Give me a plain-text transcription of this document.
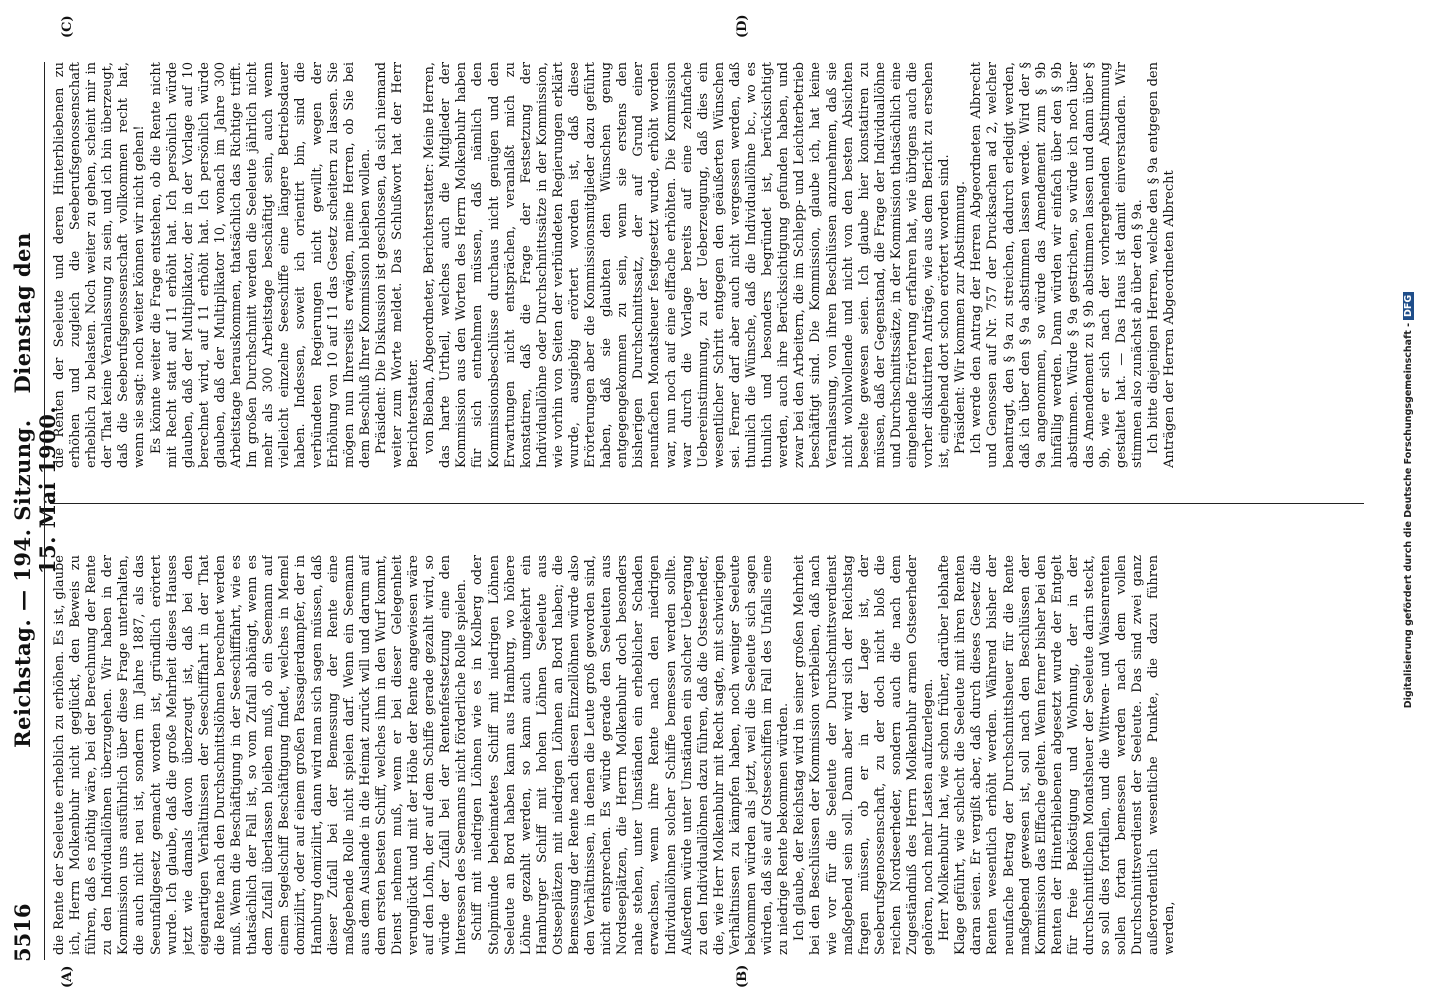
5516
Reichstag. — 194. Sitzung.Dienstag den 15. Mai 1900.
(A)	(B)
(C)	(D)

die Rente der Seeleute erheblich zu erhöhen. Es ist, glaube ich, Herrn Molkenbuhr nicht geglückt, den Beweis zu führen, daß es nöthig wäre, bei der Berechnung der Rente zu den Individuallöhnen überzugehen. Wir haben in der Kommission uns ausführlich über diese Frage unterhalten, die auch nicht neu ist, sondern im Jahre 1887, als das Seeunfallgesetz gemacht worden ist, gründlich erörtert wurde. Ich glaube, daß die große Mehrheit dieses Hauses jetzt wie damals davon überzeugt ist, daß bei den eigenartigen Verhältnissen der Seeschifffahrt in der That die Rente nach den Durchschnittslöhnen berechnet werden muß. Wenn die Beschäftigung in der Seeschifffahrt, wie es thatsächlich der Fall ist, so vom Zufall abhängt, wenn es dem Zufall überlassen bleiben muß, ob ein Seemann auf einem Segelschiff Beschäftigung findet, welches in Memel domizilirt, oder auf einem großen Passagierdampfer, der in Hamburg domizilirt, dann wird man sich sagen müssen, daß dieser Zufall bei der Bemessung der Rente eine maßgebende Rolle nicht spielen darf. Wenn ein Seemann aus dem Auslande in die Heimat zurück will und darum auf dem ersten besten Schiff, welches ihm in den Wurf kommt, Dienst nehmen muß, wenn er bei dieser Gelegenheit verunglückt und mit der Höhe der Rente angewiesen wäre auf den Lohn, der auf dem Schiffe gerade gezahlt wird, so würde der Zufall bei der Rentenfestsetzung eine den Interessen des Seemanns nicht förderliche Rolle spielen. Schiff mit niedrigen Löhnen wie es in Kolberg oder Stolpmünde beheimatetes Schiff mit niedrigen Löhnen Seeleute an Bord haben kann aus Hamburg, wo höhere Löhne gezahlt werden, so kann auch umgekehrt ein Hamburger Schiff mit hohen Löhnen Seeleute aus Ostseeplätzen mit niedrigen Löhnen an Bord haben; die Bemessung der Rente nach diesen Einzellöhnen würde also den Verhältnissen, in denen die Leute groß geworden sind, nicht entsprechen. Es würde gerade den Seeleuten aus Nordseeplätzen, die Herrn Molkenbuhr doch besonders nahe stehen, unter Umständen ein erheblicher Schaden erwachsen, wenn ihre Rente nach den niedrigen Individuallöhnen solcher Schiffe bemessen werden sollte. Außerdem würde unter Umständen ein solcher Uebergang zu den Individuallöhnen dazu führen, daß die Ostseerheder, die, wie Herr Molkenbuhr mit Recht sagte, mit schwierigen Verhältnissen zu kämpfen haben, noch weniger Seeleute bekommen würden als jetzt, weil die Seeleute sich sagen würden, daß sie auf Ostseeschiffen im Fall des Unfalls eine zu niedrige Rente bekommen würden. Ich glaube, der Reichstag wird in seiner großen Mehrheit bei den Beschlüssen der Kommission verbleiben, daß nach wie vor für die Seeleute der Durchschnittsverdienst maßgebend sein soll. Dann aber wird sich der Reichstag fragen müssen, ob er in der Lage ist, der Seeberufsgenossenschaft, zu der doch nicht bloß die reichen Nordseerheder, sondern auch die nach dem Zugeständniß des Herrn Molkenbuhr armen Ostseerheder gehören, noch mehr Lasten aufzuerlegen. Herr Molkenbuhr hat, wie schon früher, darüber lebhafte Klage geführt, wie schlecht die Seeleute mit ihren Renten daran seien. Er vergißt aber, daß durch dieses Gesetz die Renten wesentlich erhöht werden. Während bisher der neunfache Betrag der Durchschnittsheuer für die Rente maßgebend gewesen ist, soll nach den Beschlüssen der Kommission das Elffache gelten. Wenn ferner bisher bei den Renten der Hinterbliebenen abgesetzt wurde der Entgelt für freie Beköstigung und Wohnung, der in der durchschnittlichen Monatsheuer der Seeleute darin steckt, so soll dies fortfallen, und die Wittwen- und Waisenrenten sollen fortan bemessen werden nach dem vollen Durchschnittsverdienst der Seeleute. Das sind zwei ganz außerordentlich wesentliche Punkte, die dazu führen werden,

die Renten der Seeleute und deren Hinterbliebenen zu erhöhen und zugleich die Seeberufsgenossenschaft erheblich zu belasten. Noch weiter zu gehen, scheint mir in der That keine Veranlassung zu sein, und ich bin überzeugt, daß die Seeberufsgenossenschaft vollkommen recht hat, wenn sie sagt: noch weiter können wir nicht gehen! Es könnte weiter die Frage entstehen, ob die Rente nicht mit Recht statt auf 11 erhöht hat. Ich persönlich würde glauben, daß der Multiplikator, der in der Vorlage auf 10 berechnet wird, auf 11 erhöht hat. Ich persönlich würde glauben, daß der Multiplikator 10, wonach im Jahre 300 Arbeitstage herauskommen, thatsächlich das Richtige trifft. Im großen Durchschnitt werden die Seeleute jährlich nicht mehr als 300 Arbeitstage beschäftigt sein, auch wenn vielleicht einzelne Seeschiffe eine längere Betriebsdauer haben. Indessen, soweit ich orientirt bin, sind die verbündeten Regierungen nicht gewillt, wegen der Erhöhung von 10 auf 11 das Gesetz scheitern zu lassen. Sie mögen nun Ihrerseits erwägen, meine Herren, ob Sie bei dem Beschluß Ihrer Kommission bleiben wollen. Präsident: Die Diskussion ist geschlossen, da sich niemand weiter zum Worte meldet. Das Schlußwort hat der Herr Berichterstatter. von Bieban, Abgeordneter, Berichterstatter: Meine Herren, das harte Urtheil, welches auch die Mitglieder der Kommission aus den Worten des Herrn Molkenbuhr haben für sich entnehmen müssen, daß nämlich den Kommissionsbeschlüsse durchaus nicht genügen und den Erwartungen nicht entsprächen, veranlaßt mich zu konstatiren, daß die Frage der Festsetzung der Individuallöhne oder Durchschnittssätze in der Kommission, wie vorhin von Seiten der verbündeten Regierungen erklärt wurde, ausgiebig erörtert worden ist, daß diese Erörterungen aber die Kommissionsmitglieder dazu geführt haben, daß sie glaubten den Wünschen genug entgegengekommen zu sein, wenn sie erstens den bisherigen Durchschnittssatz, der auf Grund einer neunfachen Monatsheuer festgesetzt wurde, erhöht worden war, nun noch auf eine elffache erhöhten. Die Kommission war durch die Vorlage bereits auf eine zehnfache Uebereinstimmung, zu der Ueberzeugung, daß dies ein wesentlicher Schritt entgegen den geäußerten Wünschen sei. Ferner darf aber auch nicht vergessen werden, daß thunlich die Wünsche, daß die Individuallöhne bc., wo es thunlich und besonders begründet ist, berücksichtigt werden, auch ihre Berücksichtigung gefunden haben, und zwar bei den Arbeitern, die im Schlepp- und Leichterbetrieb beschäftigt sind. Die Kommission, glaube ich, hat keine Veranlassung, von ihren Beschlüssen anzunehmen, daß sie nicht wohlwollende und nicht von den besten Absichten beseelte gewesen seien. Ich glaube hier konstatiren zu müssen, daß der Gegenstand, die Frage der Individuallöhne und Durchschnittssätze, in der Kommission thatsächlich eine eingehende Erörterung erfahren hat, wie übrigens auch die vorher diskutirten Anträge, wie aus dem Bericht zu ersehen ist, eingehend dort schon erörtert worden sind. Präsident: Wir kommen zur Abstimmung. Ich werde den Antrag der Herren Abgeordneten Albrecht und Genossen auf Nr. 757 der Drucksachen ad 2, welcher beantragt, den § 9a zu streichen, dadurch erledigt werden, daß ich über den § 9a abstimmen lassen werde. Wird der § 9a angenommen, so würde das Amendement zum § 9b hinfällig werden. Dann würden wir einfach über den § 9b abstimmen. Würde § 9a gestrichen, so würde ich noch über das Amendement zu § 9b abstimmen lassen und dann über § 9b, wie er sich nach der vorhergehenden Abstimmung gestaltet hat. — Das Haus ist damit einverstanden. Wir stimmen also zunächst ab über den § 9a. Ich bitte diejenigen Herren, welche den § 9a entgegen den Anträgen der Herren Abgeordneten Albrecht

Digitalisierung gefördert durch die Deutsche Forschungsgemeinschaft -DFG
